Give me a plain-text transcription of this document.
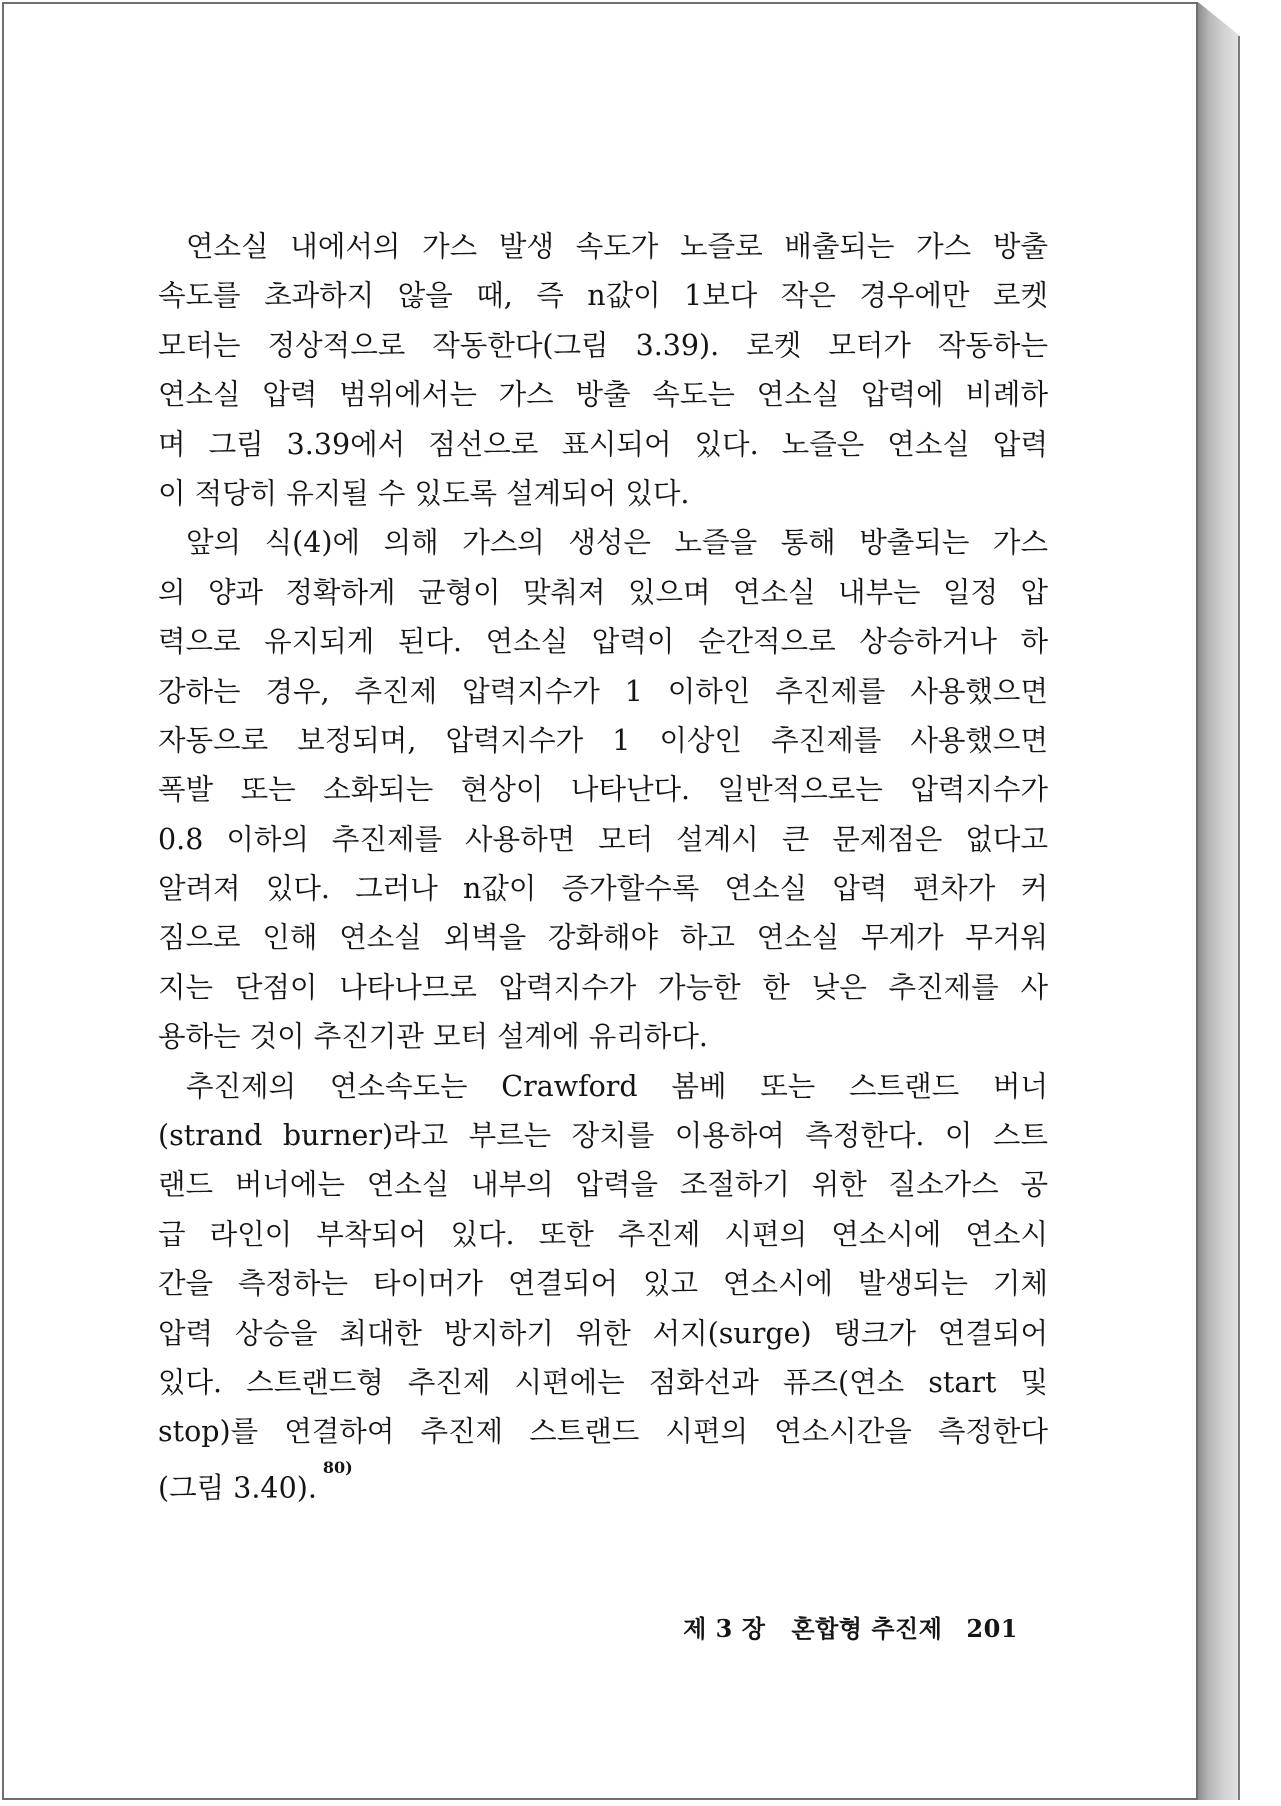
연소실 내에서의 가스 발생 속도가 노즐로 배출되는 가스 방출
속도를 초과하지 않을 때, 즉 n값이 1보다 작은 경우에만 로켓
모터는 정상적으로 작동한다(그림 3.39). 로켓 모터가 작동하는
연소실 압력 범위에서는 가스 방출 속도는 연소실 압력에 비례하
며 그림 3.39에서 점선으로 표시되어 있다. 노즐은 연소실 압력
이 적당히 유지될 수 있도록 설계되어 있다.
앞의 식(4)에 의해 가스의 생성은 노즐을 통해 방출되는 가스
의 양과 정확하게 균형이 맞춰져 있으며 연소실 내부는 일정 압
력으로 유지되게 된다. 연소실 압력이 순간적으로 상승하거나 하
강하는 경우, 추진제 압력지수가 1 이하인 추진제를 사용했으면
자동으로 보정되며, 압력지수가 1 이상인 추진제를 사용했으면
폭발 또는 소화되는 현상이 나타난다. 일반적으로는 압력지수가
0.8 이하의 추진제를 사용하면 모터 설계시 큰 문제점은 없다고
알려져 있다. 그러나 n값이 증가할수록 연소실 압력 편차가 커
짐으로 인해 연소실 외벽을 강화해야 하고 연소실 무게가 무거워
지는 단점이 나타나므로 압력지수가 가능한 한 낮은 추진제를 사
용하는 것이 추진기관 모터 설계에 유리하다.
추진제의 연소속도는 Crawford 봄베 또는 스트랜드 버너
(strand burner)라고 부르는 장치를 이용하여 측정한다. 이 스트
랜드 버너에는 연소실 내부의 압력을 조절하기 위한 질소가스 공
급 라인이 부착되어 있다. 또한 추진제 시편의 연소시에 연소시
간을 측정하는 타이머가 연결되어 있고 연소시에 발생되는 기체
압력 상승을 최대한 방지하기 위한 서지(surge) 탱크가 연결되어
있다. 스트랜드형 추진제 시편에는 점화선과 퓨즈(연소 start 및
stop)를 연결하여 추진제 스트랜드 시편의 연소시간을 측정한다
(그림 3.40).$^{80)}$
제 3 장 혼합형 추진제 201
